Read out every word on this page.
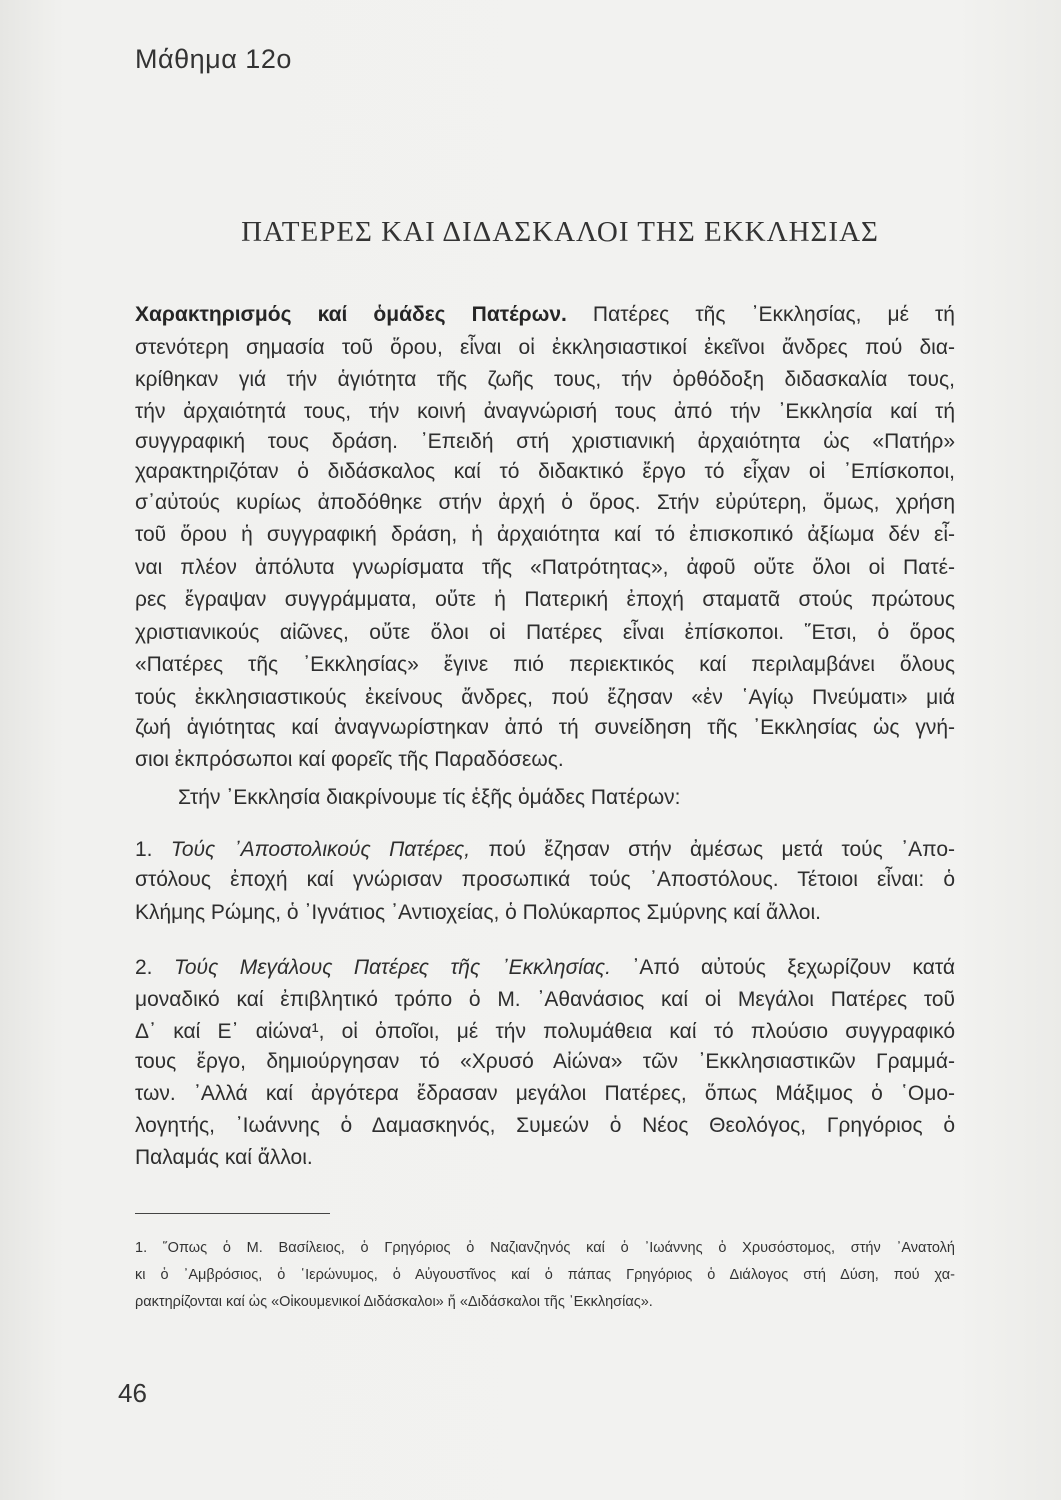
Μάθημα 12ο
ΠΑΤΕΡΕΣ ΚΑΙ ΔΙΔΑΣΚΑΛΟΙ ΤΗΣ ΕΚΚΛΗΣΙΑΣ
Χαρακτηρισμός καί ὁμάδες Πατέρων. Πατέρες τῆς ᾿Εκκλησίας, μέ τή
στενότερη σημασία τοῦ ὅρου, εἶναι οἱ ἐκκλησιαστικοί ἐκεῖνοι ἄνδρες πού δια-
κρίθηκαν γιά τήν ἁγιότητα τῆς ζωῆς τους, τήν ὀρθόδοξη διδασκαλία τους,
τήν ἀρχαιότητά τους, τήν κοινή ἀναγνώρισή τους ἀπό τήν ᾿Εκκλησία καί τή
συγγραφική τους δράση. ᾿Επειδή στή χριστιανική ἀρχαιότητα ὡς «Πατήρ»
χαρακτηριζόταν ὁ διδάσκαλος καί τό διδακτικό ἔργο τό εἶχαν οἱ ᾿Επίσκοποι,
σ᾿αὐτούς κυρίως ἀποδόθηκε στήν ἀρχή ὁ ὅρος. Στήν εὐρύτερη, ὅμως, χρήση
τοῦ ὅρου ἡ συγγραφική δράση, ἡ ἀρχαιότητα καί τό ἐπισκοπικό ἀξίωμα δέν εἶ-
ναι πλέον ἀπόλυτα γνωρίσματα τῆς «Πατρότητας», ἀφοῦ οὔτε ὅλοι οἱ Πατέ-
ρες ἔγραψαν συγγράμματα, οὔτε ἡ Πατερική ἐποχή σταματᾶ στούς πρώτους
χριστιανικούς αἰῶνες, οὔτε ὅλοι οἱ Πατέρες εἶναι ἐπίσκοποι. ῞Ετσι, ὁ ὅρος
«Πατέρες τῆς ᾿Εκκλησίας» ἔγινε πιό περιεκτικός καί περιλαμβάνει ὅλους
τούς ἐκκλησιαστικούς ἐκείνους ἄνδρες, πού ἔζησαν «ἐν ῾Αγίῳ Πνεύματι» μιά
ζωή ἁγιότητας καί ἀναγνωρίστηκαν ἀπό τή συνείδηση τῆς ᾿Εκκλησίας ὡς γνή-
σιοι ἐκπρόσωποι καί φορεῖς τῆς Παραδόσεως.
Στήν ᾿Εκκλησία διακρίνουμε τίς ἑξῆς ὁμάδες Πατέρων:
1. Τούς ᾿Αποστολικούς Πατέρες, πού ἔζησαν στήν ἀμέσως μετά τούς ᾿Απο-
στόλους ἐποχή καί γνώρισαν προσωπικά τούς ᾿Αποστόλους. Τέτοιοι εἶναι: ὁ
Κλήμης Ρώμης, ὁ ᾿Ιγνάτιος ᾿Αντιοχείας, ὁ Πολύκαρπος Σμύρνης καί ἄλλοι.
2. Τούς Μεγάλους Πατέρες τῆς ᾿Εκκλησίας. ᾿Από αὐτούς ξεχωρίζουν κατά
μοναδικό καί ἐπιβλητικό τρόπο ὁ Μ. ᾿Αθανάσιος καί οἱ Μεγάλοι Πατέρες τοῦ
Δ᾿ καί Ε᾿ αἰώνα¹, οἱ ὁποῖοι, μέ τήν πολυμάθεια καί τό πλούσιο συγγραφικό
τους ἔργο, δημιούργησαν τό «Χρυσό Αἰώνα» τῶν ᾿Εκκλησιαστικῶν Γραμμά-
των. ᾿Αλλά καί ἀργότερα ἔδρασαν μεγάλοι Πατέρες, ὅπως Μάξιμος ὁ ῾Ομο-
λογητής, ᾿Ιωάννης ὁ Δαμασκηνός, Συμεών ὁ Νέος Θεολόγος, Γρηγόριος ὁ
Παλαμάς καί ἄλλοι.
1. ῞Οπως ὁ Μ. Βασίλειος, ὁ Γρηγόριος ὁ Ναζιανζηνός καί ὁ ᾿Ιωάννης ὁ Χρυσόστομος, στήν ᾿Ανατολή
κι ὁ ᾿Αμβρόσιος, ὁ ῾Ιερώνυμος, ὁ Αὐγουστῖνος καί ὁ πάπας Γρηγόριος ὁ Διάλογος στή Δύση, πού χα-
ρακτηρίζονται καί ὡς «Οἰκουμενικοί Διδάσκαλοι» ἤ «Διδάσκαλοι τῆς ᾿Εκκλησίας».
46
